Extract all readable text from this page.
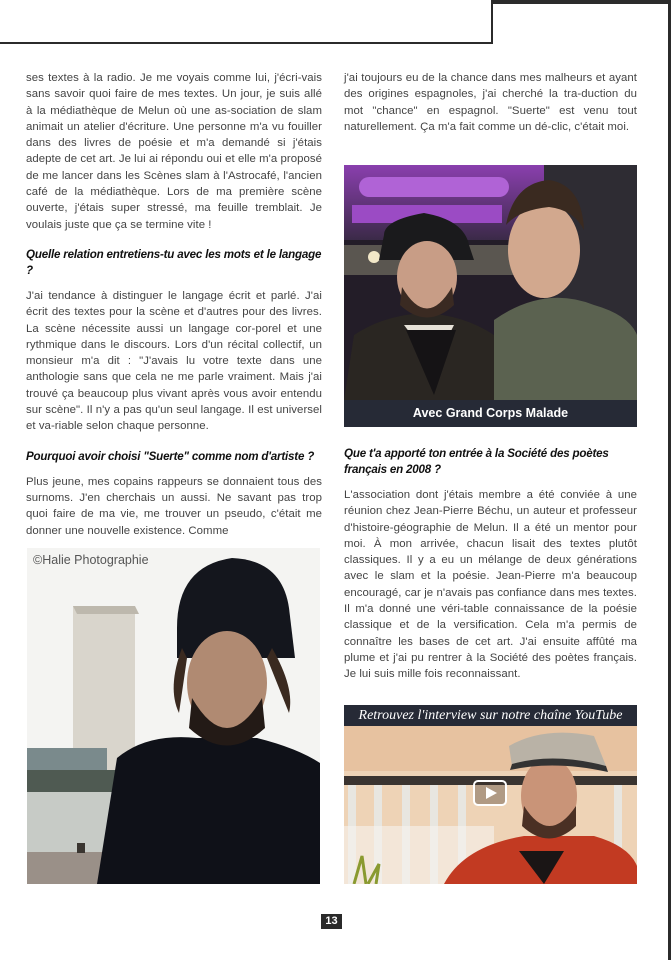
ses textes à la radio. Je me voyais comme lui, j'écri-vais sans savoir quoi faire de mes textes. Un jour, je suis allé à la médiathèque de Melun où une as-sociation de slam animait un atelier d'écriture. Une personne m'a vu fouiller dans des livres de poésie et m'a demandé si j'étais adepte de cet art. Je lui ai répondu oui et elle m'a proposé de me lancer dans les Scènes slam à l'Astrocafé, l'ancien café de la médiathèque. Lors de ma première scène ouverte, j'étais super stressé, ma feuille tremblait. Je voulais juste que ça se termine vite !

Quelle relation entretiens-tu avec les mots et le langage ?

J'ai tendance à distinguer le langage écrit et parlé. J'ai écrit des textes pour la scène et d'autres pour des livres. La scène nécessite aussi un langage cor-porel et une rythmique dans le discours. Lors d'un récital collectif, un monsieur m'a dit : "J'avais lu votre texte dans une anthologie sans que cela ne me parle vraiment. Mais j'ai trouvé ça beaucoup plus vivant après vous avoir entendu sur scène". Il n'y a pas qu'un seul langage. Il est universel et va-riable selon chaque personne.

Pourquoi avoir choisi "Suerte" comme nom d'artiste ?

Plus jeune, mes copains rappeurs se donnaient tous des surnoms. J'en cherchais un aussi. Ne savant pas trop quoi faire de ma vie, me trouver un pseudo, c'était me donner une nouvelle existence. Comme

©Halie Photographie

j'ai toujours eu de la chance dans mes malheurs et ayant des origines espagnoles, j'ai cherché la tra-duction du mot "chance" en espagnol. "Suerte" est venu tout naturellement. Ça m'a fait comme un dé-clic, c'était moi.

Avec Grand Corps Malade

Que t'a apporté ton entrée à la Société des poètes français en 2008 ?

L'association dont j'étais membre a été conviée à une réunion chez Jean-Pierre Béchu, un auteur et professeur d'histoire-géographie de Melun. Il a été un mentor pour moi. À mon arrivée, chacun lisait des textes plutôt classiques. Il y a eu un mélange de deux générations avec le slam et la poésie. Jean-Pierre m'a beaucoup encouragé, car je n'avais pas confiance dans mes textes. Il m'a donné une véri-table connaissance de la poésie classique et de la versification. Cela m'a permis de connaître les bases de cet art. J'ai ensuite affûté ma plume et j'ai pu rentrer à la Société des poètes français. Je lui suis mille fois reconnaissant.

Retrouvez l'interview sur notre chaîne YouTube
13
